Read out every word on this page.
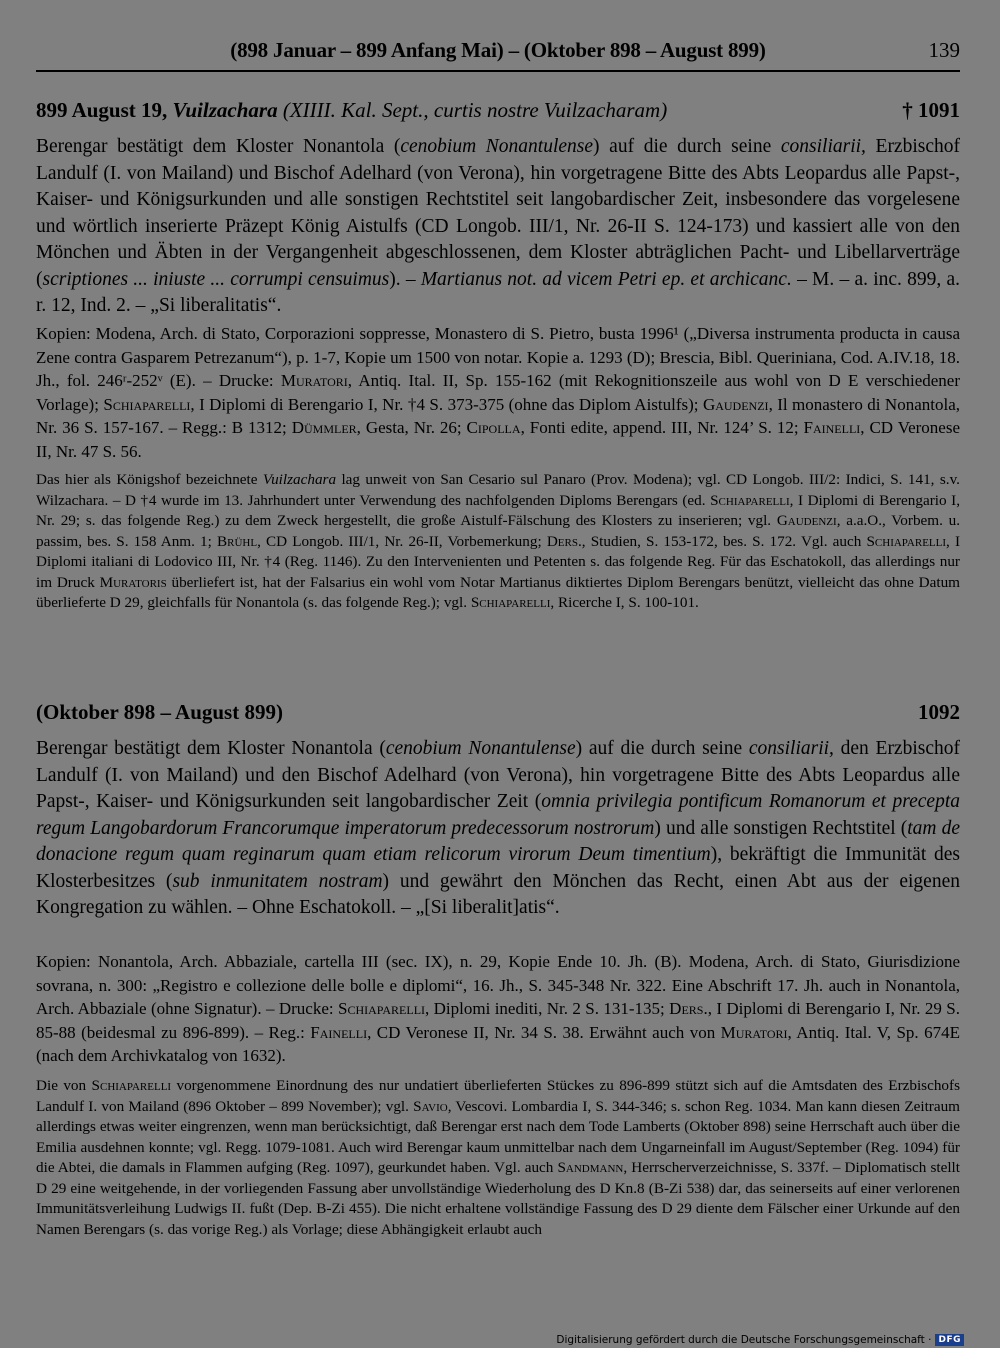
(898 Januar – 899 Anfang Mai) – (Oktober 898 – August 899)	139
899 August 19, Vuilzachara (XIIII. Kal. Sept., curtis nostre Vuilzacharam)	† 1091

Berengar bestätigt dem Kloster Nonantola (cenobium Nonantulense) auf die durch seine consiliarii, Erzbischof Landulf (I. von Mailand) und Bischof Adelhard (von Verona), hin vorgetragene Bitte des Abts Leopardus alle Papst-, Kaiser- und Königsurkunden und alle sonstigen Rechtstitel seit langobardischer Zeit, insbesondere das vorgelesene und wörtlich inserierte Präzept König Aistulfs (CD Longob. III/1, Nr. 26-II S. 124-173) und kassiert alle von den Mönchen und Äbten in der Vergangenheit abgeschlossenen, dem Kloster abträglichen Pacht- und Libellarverträge (scriptiones ... iniuste ... corrumpi censuimus). – Martianus not. ad vicem Petri ep. et archicanc. – M. – a. inc. 899, a. r. 12, Ind. 2. – „Si liberalitatis“.

Kopien: Modena, Arch. di Stato, Corporazioni soppresse, Monastero di S. Pietro, busta 1996¹ („Diversa instrumenta producta in causa Zene contra Gasparem Petrezanum“), p. 1-7, Kopie um 1500 von notar. Kopie a. 1293 (D); Brescia, Bibl. Queriniana, Cod. A.IV.18, 18. Jh., fol. 246ʳ-252ᵛ (E). – Drucke: Muratori, Antiq. Ital. II, Sp. 155-162 (mit Rekognitionszeile aus wohl von D E verschiedener Vorlage); Schiaparelli, I Diplomi di Berengario I, Nr. †4 S. 373-375 (ohne das Diplom Aistulfs); Gaudenzi, Il monastero di Nonantola, Nr. 36 S. 157-167. – Regg.: B 1312; Dümmler, Gesta, Nr. 26; Cipolla, Fonti edite, append. III, Nr. 124’ S. 12; Fainelli, CD Veronese II, Nr. 47 S. 56.

Das hier als Königshof bezeichnete Vuilzachara lag unweit von San Cesario sul Panaro (Prov. Modena); vgl. CD Longob. III/2: Indici, S. 141, s.v. Wilzachara. – D †4 wurde im 13. Jahrhundert unter Verwendung des nachfolgenden Diploms Berengars (ed. Schiaparelli, I Diplomi di Berengario I, Nr. 29; s. das folgende Reg.) zu dem Zweck hergestellt, die große Aistulf-Fälschung des Klosters zu inserieren; vgl. Gaudenzi, a.a.O., Vorbem. u. passim, bes. S. 158 Anm. 1; Brühl, CD Longob. III/1, Nr. 26-II, Vorbemerkung; Ders., Studien, S. 153-172, bes. S. 172. Vgl. auch Schiaparelli, I Diplomi italiani di Lodovico III, Nr. †4 (Reg. 1146). Zu den Intervenienten und Petenten s. das folgende Reg. Für das Eschatokoll, das allerdings nur im Druck Muratoris überliefert ist, hat der Falsarius ein wohl vom Notar Martianus diktiertes Diplom Berengars benützt, vielleicht das ohne Datum überlieferte D 29, gleichfalls für Nonantola (s. das folgende Reg.); vgl. Schiaparelli, Ricerche I, S. 100-101.

(Oktober 898 – August 899)	1092

Berengar bestätigt dem Kloster Nonantola (cenobium Nonantulense) auf die durch seine consiliarii, den Erzbischof Landulf (I. von Mailand) und den Bischof Adelhard (von Verona), hin vorgetragene Bitte des Abts Leopardus alle Papst-, Kaiser- und Königsurkunden seit langobardischer Zeit (omnia privilegia pontificum Romanorum et precepta regum Langobardorum Francorumque imperatorum predecessorum nostrorum) und alle sonstigen Rechtstitel (tam de donacione regum quam reginarum quam etiam relicorum virorum Deum timentium), bekräftigt die Immunität des Klosterbesitzes (sub inmunitatem nostram) und gewährt den Mönchen das Recht, einen Abt aus der eigenen Kongregation zu wählen. – Ohne Eschatokoll. – „[Si liberalit]atis“.

Kopien: Nonantola, Arch. Abbaziale, cartella III (sec. IX), n. 29, Kopie Ende 10. Jh. (B). Modena, Arch. di Stato, Giurisdizione sovrana, n. 300: „Registro e collezione delle bolle e diplomi“, 16. Jh., S. 345-348 Nr. 322. Eine Abschrift 17. Jh. auch in Nonantola, Arch. Abbaziale (ohne Signatur). – Drucke: Schiaparelli, Diplomi inediti, Nr. 2 S. 131-135; Ders., I Diplomi di Berengario I, Nr. 29 S. 85-88 (beidesmal zu 896-899). – Reg.: Fainelli, CD Veronese II, Nr. 34 S. 38. Erwähnt auch von Muratori, Antiq. Ital. V, Sp. 674E (nach dem Archivkatalog von 1632).

Die von Schiaparelli vorgenommene Einordnung des nur undatiert überlieferten Stückes zu 896-899 stützt sich auf die Amtsdaten des Erzbischofs Landulf I. von Mailand (896 Oktober – 899 November); vgl. Savio, Vescovi. Lombardia I, S. 344-346; s. schon Reg. 1034. Man kann diesen Zeitraum allerdings etwas weiter eingrenzen, wenn man berücksichtigt, daß Berengar erst nach dem Tode Lamberts (Oktober 898) seine Herrschaft auch über die Emilia ausdehnen konnte; vgl. Regg. 1079-1081. Auch wird Berengar kaum unmittelbar nach dem Ungarneinfall im August/September (Reg. 1094) für die Abtei, die damals in Flammen aufging (Reg. 1097), geurkundet haben. Vgl. auch Sandmann, Herrscherverzeichnisse, S. 337f. – Diplomatisch stellt D 29 eine weitgehende, in der vorliegenden Fassung aber unvollständige Wiederholung des D Kn.8 (B-Zi 538) dar, das seinerseits auf einer verlorenen Immunitätsverleihung Ludwigs II. fußt (Dep. B-Zi 455). Die nicht erhaltene vollständige Fassung des D 29 diente dem Fälscher einer Urkunde auf den Namen Berengars (s. das vorige Reg.) als Vorlage; diese Abhängigkeit erlaubt auch

Digitalisierung gefördert durch die Deutsche Forschungsgemeinschaft · DFG
